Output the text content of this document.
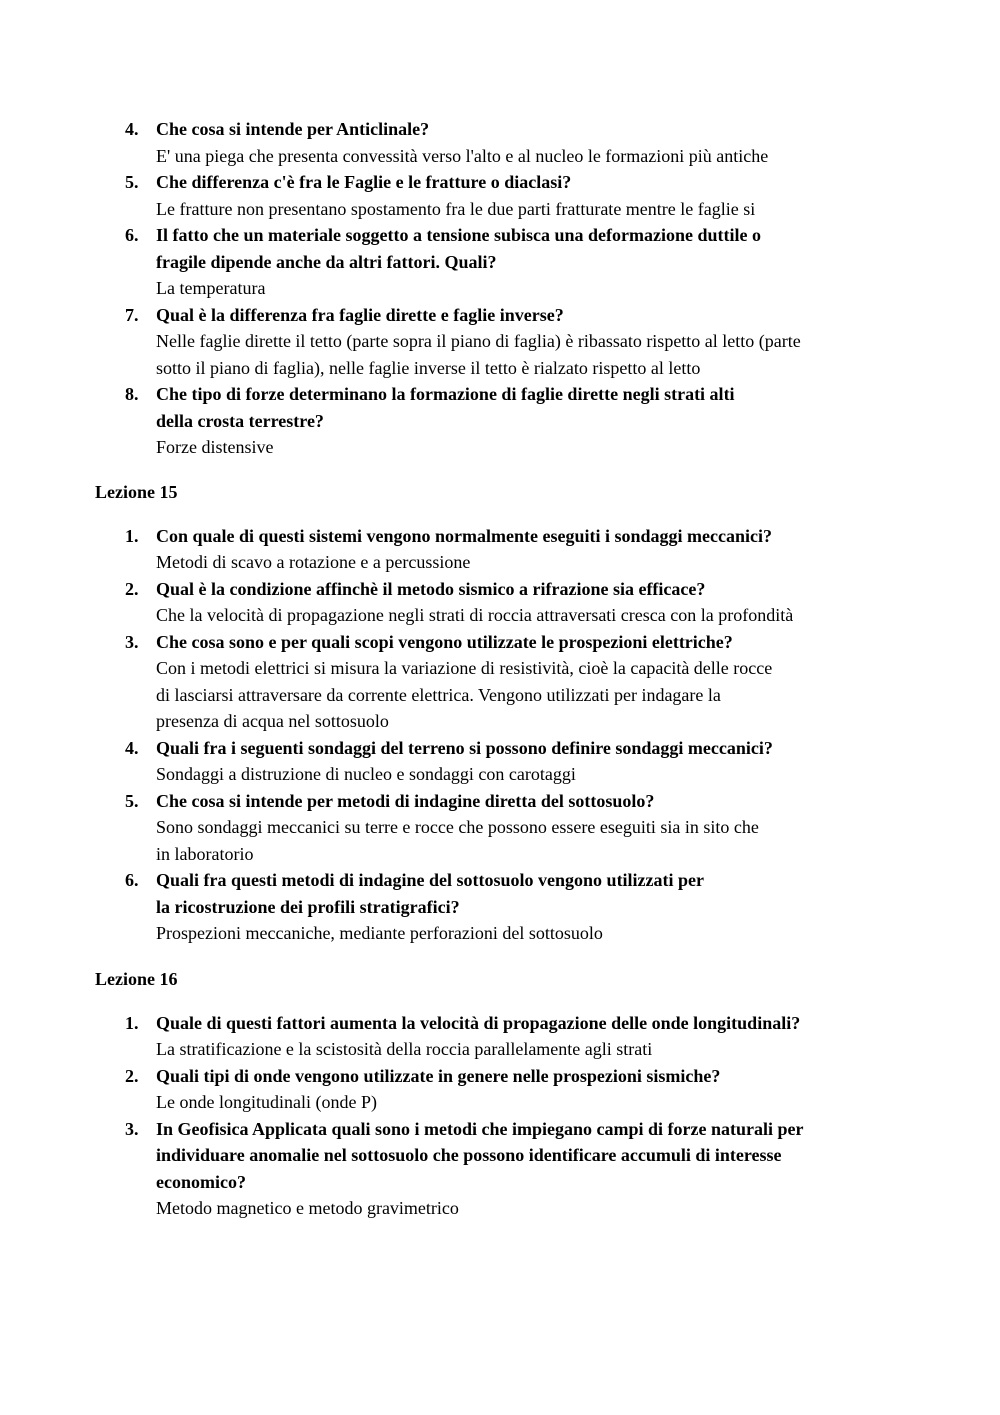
4. Che cosa si intende per Anticlinale?

E' una piega che presenta convessità verso l'alto e al nucleo le formazioni più antiche

5. Che differenza c'è fra le Faglie e le fratture o diaclasi?

Le fratture non presentano spostamento fra le due parti fratturate mentre le faglie si

6. Il fatto che un materiale soggetto a tensione subisca una deformazione duttile o

fragile dipende anche da altri fattori. Quali?

La temperatura

7. Qual è la differenza fra faglie dirette e faglie inverse?

Nelle faglie dirette il tetto (parte sopra il piano di faglia) è ribassato rispetto al letto (parte

sotto il piano di faglia), nelle faglie inverse il tetto è rialzato rispetto al letto

8. Che tipo di forze determinano la formazione di faglie dirette negli strati alti

della crosta terrestre?

Forze distensive

Lezione 15

1. Con quale di questi sistemi vengono normalmente eseguiti i sondaggi meccanici?

Metodi di scavo a rotazione e a percussione

2. Qual è la condizione affinchè il metodo sismico a rifrazione sia efficace?

Che la velocità di propagazione negli strati di roccia attraversati cresca con la profondità

3. Che cosa sono e per quali scopi vengono utilizzate le prospezioni elettriche?

Con i metodi elettrici si misura la variazione di resistività, cioè la capacità delle rocce

di lasciarsi attraversare da corrente elettrica. Vengono utilizzati per indagare la

presenza di acqua nel sottosuolo

4. Quali fra i seguenti sondaggi del terreno si possono definire sondaggi meccanici?

Sondaggi a distruzione di nucleo e sondaggi con carotaggi

5. Che cosa si intende per metodi di indagine diretta del sottosuolo?

Sono sondaggi meccanici su terre e rocce che possono essere eseguiti sia in sito che

in laboratorio

6. Quali fra questi metodi di indagine del sottosuolo vengono utilizzati per

la ricostruzione dei profili stratigrafici?

Prospezioni meccaniche, mediante perforazioni del sottosuolo

Lezione 16

1. Quale di questi fattori aumenta la velocità di propagazione delle onde longitudinali?

La stratificazione e la scistosità della roccia parallelamente agli strati

2. Quali tipi di onde vengono utilizzate in genere nelle prospezioni sismiche?

Le onde longitudinali (onde P)

3. In Geofisica Applicata quali sono i metodi che impiegano campi di forze naturali per

individuare anomalie nel sottosuolo che possono identificare accumuli di interesse

economico?

Metodo magnetico e metodo gravimetrico
